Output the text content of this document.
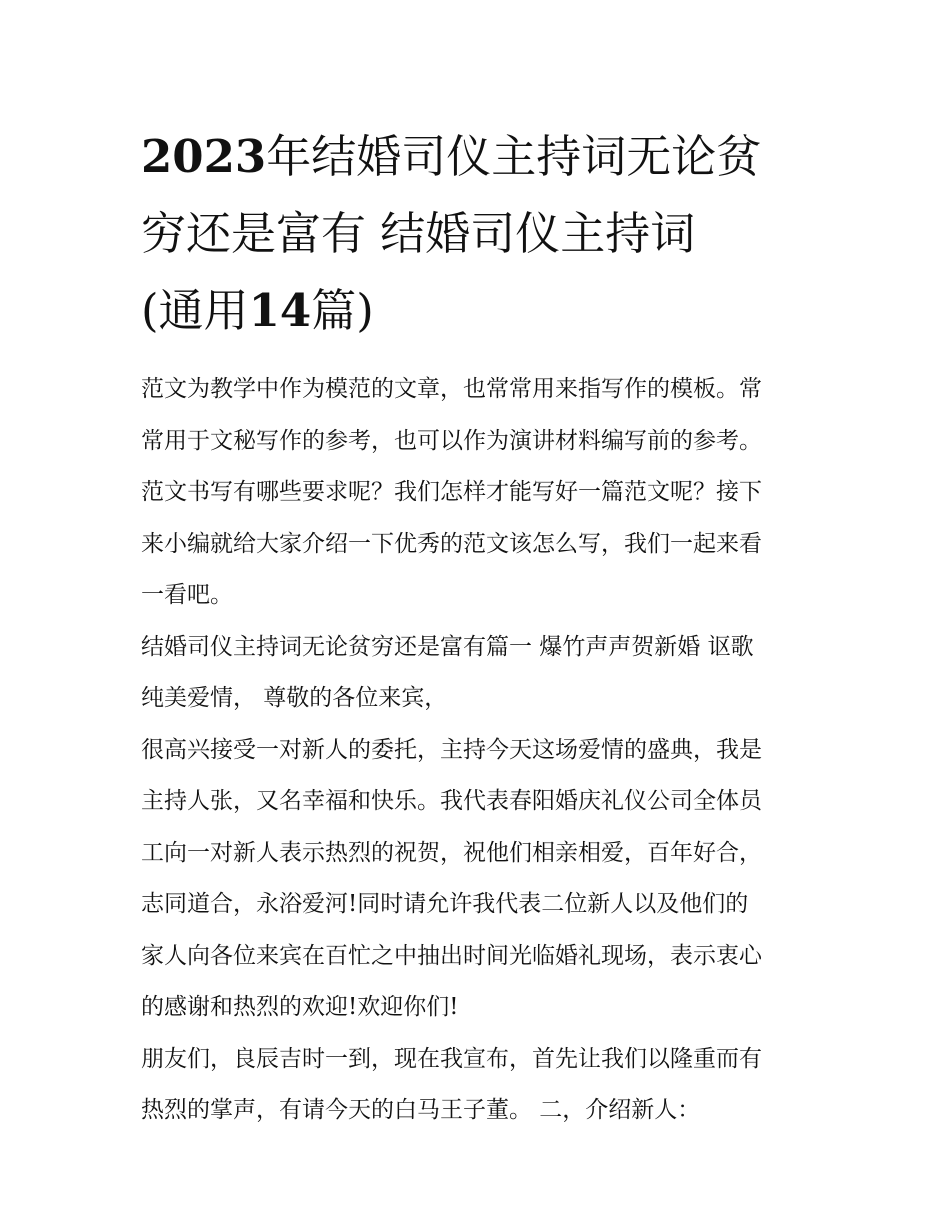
2023年结婚司仪主持词无论贫
穷还是富有 结婚司仪主持词
(通用14篇)
范文为教学中作为模范的文章，也常常用来指写作的模板。常
常用于文秘写作的参考，也可以作为演讲材料编写前的参考。
范文书写有哪些要求呢？我们怎样才能写好一篇范文呢？接下
来小编就给大家介绍一下优秀的范文该怎么写，我们一起来看
一看吧。
结婚司仪主持词无论贫穷还是富有篇一 爆竹声声贺新婚 讴歌
纯美爱情， 尊敬的各位来宾，
很高兴接受一对新人的委托，主持今天这场爱情的盛典，我是
主持人张，又名幸福和快乐。我代表春阳婚庆礼仪公司全体员
工向一对新人表示热烈的祝贺，祝他们相亲相爱，百年好合，
志同道合，永浴爱河!同时请允许我代表二位新人以及他们的
家人向各位来宾在百忙之中抽出时间光临婚礼现场，表示衷心
的感谢和热烈的欢迎!欢迎你们!
朋友们，良辰吉时一到，现在我宣布，首先让我们以隆重而有
热烈的掌声，有请今天的白马王子董。 二，介绍新人：
